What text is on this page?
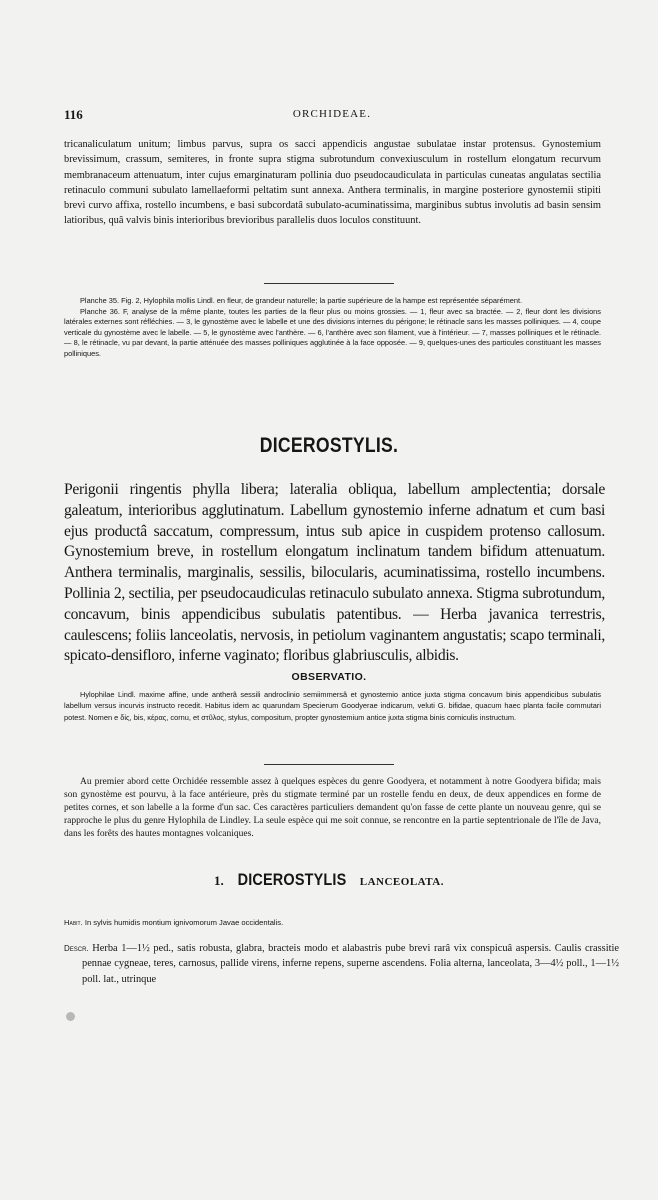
116	ORCHIDEAE.
tricanaliculatum unitum; limbus parvus, supra os sacci appendicis angustae subulatae instar protensus. Gynostemium brevissimum, crassum, semiteres, in fronte supra stigma subrotundum convexiusculum in rostellum elongatum recurvum membranaceum attenuatum, inter cujus emarginaturam pollinia duo pseudocaudiculata in particulas cuneatas angulatas sectilia retinaculo communi subulato lamellaeformi peltatim sunt annexa. Anthera terminalis, in margine posteriore gynostemii stipiti brevi curvo affixa, rostello incumbens, e basi subcordatâ subulato-acuminatissima, marginibus subtus involutis ad basin sensim latioribus, quâ valvis binis interioribus brevioribus parallelis duos loculos constituunt.

Planche 35. Fig. 2, Hylophila mollis Lindl. en fleur, de grandeur naturelle; la partie supérieure de la hampe est représentée séparément.

Planche 36. F, analyse de la même plante, toutes les parties de la fleur plus ou moins grossies. — 1, fleur avec sa bractée. — 2, fleur dont les divisions latérales externes sont réfléchies. — 3, le gynostème avec le labelle et une des divisions internes du périgone; le rétinacle sans les masses polliniques. — 4, coupe verticale du gynostème avec le labelle. — 5, le gynostème avec l'anthère. — 6, l'anthère avec son filament, vue à l'intérieur. — 7, masses polliniques et le rétinacle. — 8, le rétinacle, vu par devant, la partie atténuée des masses polliniques agglutinée à la face opposée. — 9, quelques-unes des particules constituant les masses polliniques.

DICEROSTYLIS.
Perigonii ringentis phylla libera; lateralia obliqua, labellum amplectentia; dorsale galeatum, interioribus agglutinatum. Labellum gynostemio inferne adnatum et cum basi ejus productâ saccatum, compressum, intus sub apice in cuspidem protenso callosum. Gynostemium breve, in rostellum elongatum inclinatum tandem bifidum attenuatum. Anthera terminalis, marginalis, sessilis, bilocularis, acuminatissima, rostello incumbens. Pollinia 2, sectilia, per pseudocaudiculas retinaculo subulato annexa. Stigma subrotundum, concavum, binis appendicibus subulatis patentibus. — Herba javanica terrestris, caulescens; foliis lanceolatis, nervosis, in petiolum vaginantem angustatis; scapo terminali, spicato-densifloro, inferne vaginato; floribus glabriusculis, albidis.
OBSERVATIO.

Hylophilae Lindl. maxime affine, unde antherâ sessili androclinio semiimmersâ et gynostemio antice juxta stigma concavum binis appendicibus subulatis labellum versus incurvis instructo recedit. Habitus idem ac quarundam Specierum Goodyerae indicarum, veluti G. bifidae, quacum haec planta facile commutari potest. Nomen e δίς, bis, κέρας, cornu, et στῦλος, stylus, compositum, propter gynostemium antice juxta stigma binis corniculis instructum.

Au premier abord cette Orchidée ressemble assez à quelques espèces du genre Goodyera, et notamment à notre Goodyera bifida; mais son gynostème est pourvu, à la face antérieure, près du stigmate terminé par un rostelle fendu en deux, de deux appendices en forme de petites cornes, et son labelle a la forme d'un sac. Ces caractères particuliers demandent qu'on fasse de cette plante un nouveau genre, qui se rapproche le plus du genre Hylophila de Lindley. La seule espèce qui me soit connue, se rencontre en la partie septentrionale de l'île de Java, dans les forêts des hautes montagnes volcaniques.

1. DICEROSTYLIS LANCEOLATA.
Habit. In sylvis humidis montium ignivomorum Javae occidentalis.
Descr. Herba 1—1½ ped., satis robusta, glabra, bracteis modo et alabastris pube brevi rarâ vix conspicuâ aspersis. Caulis crassitie pennae cygneae, teres, carnosus, pallide virens, inferne repens, superne ascendens. Folia alterna, lanceolata, 3—4½ poll., 1—1½ poll. lat., utrinque
